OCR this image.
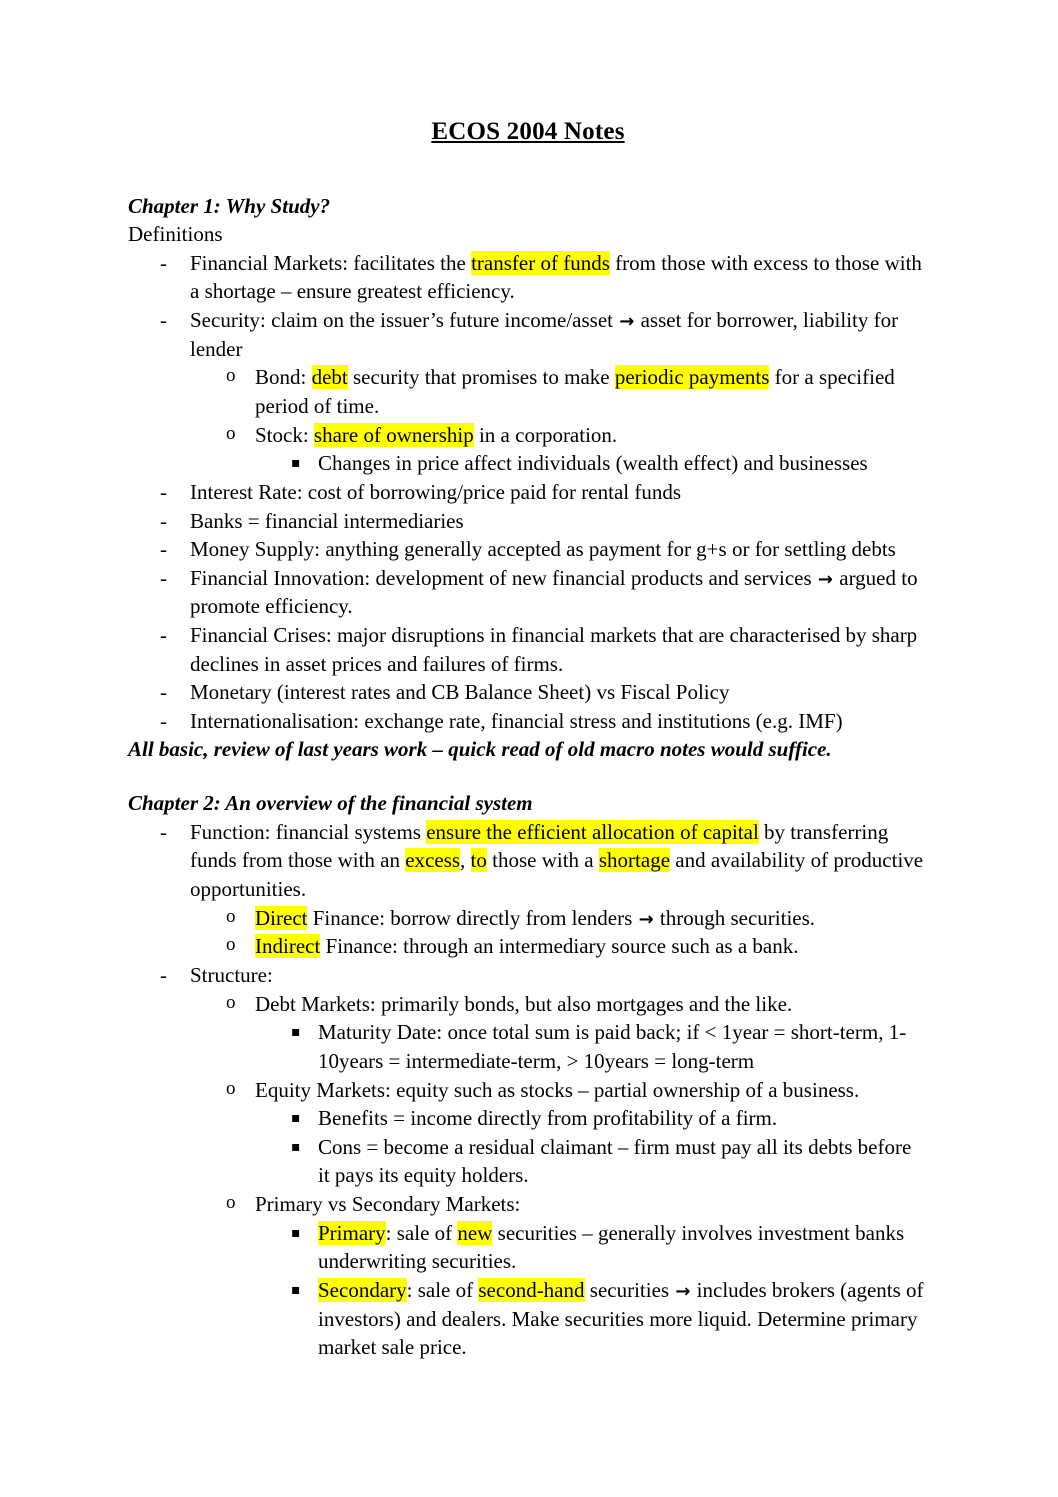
ECOS 2004 Notes
Chapter 1: Why Study?
Definitions
- Financial Markets: facilitates the transfer of funds from those with excess to those with a shortage – ensure greatest efficiency.
- Security: claim on the issuer’s future income/asset → asset for borrower, liability for lender
o Bond: debt security that promises to make periodic payments for a specified period of time.
o Stock: share of ownership in a corporation.
▪ Changes in price affect individuals (wealth effect) and businesses
- Interest Rate: cost of borrowing/price paid for rental funds
- Banks = financial intermediaries
- Money Supply: anything generally accepted as payment for g+s or for settling debts
- Financial Innovation: development of new financial products and services → argued to promote efficiency.
- Financial Crises: major disruptions in financial markets that are characterised by sharp declines in asset prices and failures of firms.
- Monetary (interest rates and CB Balance Sheet) vs Fiscal Policy
- Internationalisation: exchange rate, financial stress and institutions (e.g. IMF)
All basic, review of last years work – quick read of old macro notes would suffice.
Chapter 2: An overview of the financial system
- Function: financial systems ensure the efficient allocation of capital by transferring funds from those with an excess, to those with a shortage and availability of productive opportunities.
o Direct Finance: borrow directly from lenders → through securities.
o Indirect Finance: through an intermediary source such as a bank.
- Structure:
o Debt Markets: primarily bonds, but also mortgages and the like.
▪ Maturity Date: once total sum is paid back; if < 1year = short-term, 1-10years = intermediate-term, > 10years = long-term
o Equity Markets: equity such as stocks – partial ownership of a business.
▪ Benefits = income directly from profitability of a firm.
▪ Cons = become a residual claimant – firm must pay all its debts before it pays its equity holders.
o Primary vs Secondary Markets:
▪ Primary: sale of new securities – generally involves investment banks underwriting securities.
▪ Secondary: sale of second-hand securities → includes brokers (agents of investors) and dealers. Make securities more liquid. Determine primary market sale price.
